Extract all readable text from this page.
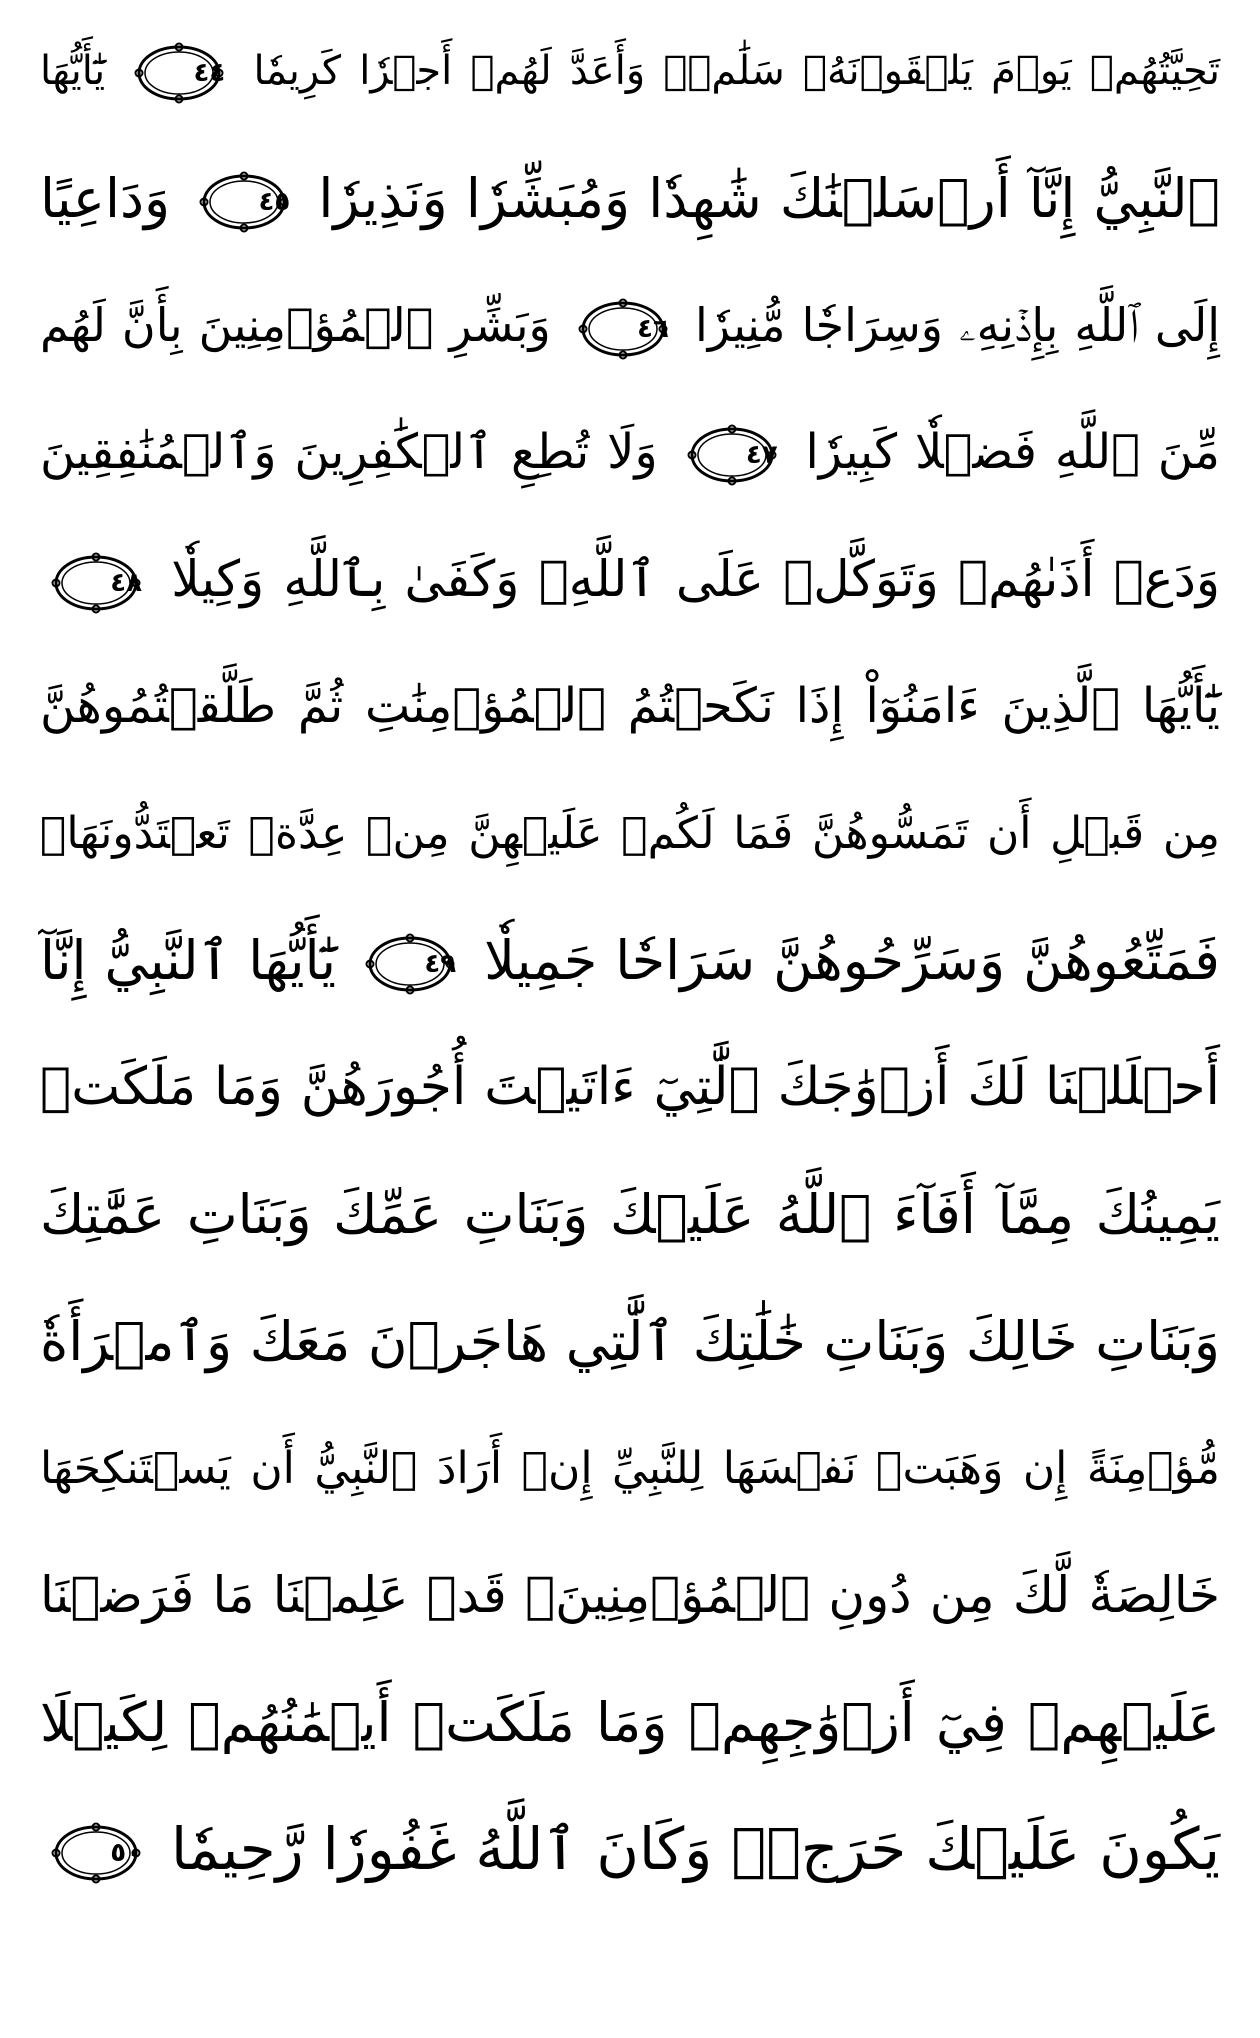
تَحِيَّتُهُمۡ يَوۡمَ يَلۡقَوۡنَهُۥ سَلَٰمٞۚ وَأَعَدَّ لَهُمۡ أَجۡرٗا كَرِيمٗا
٤٤
يَٰٓأَيُّهَا
ٱلنَّبِيُّ إِنَّآ أَرۡسَلۡنَٰكَ شَٰهِدٗا وَمُبَشِّرٗا وَنَذِيرٗا
٤٥
وَدَاعِيًا
إِلَى ٱللَّهِ بِإِذۡنِهِۦ وَسِرَاجٗا مُّنِيرٗا
٤٦
وَبَشِّرِ ٱلۡمُؤۡمِنِينَ بِأَنَّ لَهُم
مِّنَ ٱللَّهِ فَضۡلٗا كَبِيرٗا
٤٧
وَلَا تُطِعِ ٱلۡكَٰفِرِينَ وَٱلۡمُنَٰفِقِينَ
وَدَعۡ أَذَىٰهُمۡ وَتَوَكَّلۡ عَلَى ٱللَّهِۚ وَكَفَىٰ بِٱللَّهِ وَكِيلٗا
٤٨
يَٰٓأَيُّهَا ٱلَّذِينَ ءَامَنُوٓاْ إِذَا نَكَحۡتُمُ ٱلۡمُؤۡمِنَٰتِ ثُمَّ طَلَّقۡتُمُوهُنَّ
مِن قَبۡلِ أَن تَمَسُّوهُنَّ فَمَا لَكُمۡ عَلَيۡهِنَّ مِنۡ عِدَّةٖ تَعۡتَدُّونَهَاۖ
فَمَتِّعُوهُنَّ وَسَرِّحُوهُنَّ سَرَاحٗا جَمِيلٗا
٤٩
يَٰٓأَيُّهَا ٱلنَّبِيُّ إِنَّآ
أَحۡلَلۡنَا لَكَ أَزۡوَٰجَكَ ٱلَّٰتِيٓ ءَاتَيۡتَ أُجُورَهُنَّ وَمَا مَلَكَتۡ
يَمِينُكَ مِمَّآ أَفَآءَ ٱللَّهُ عَلَيۡكَ وَبَنَاتِ عَمِّكَ وَبَنَاتِ عَمَّٰتِكَ
وَبَنَاتِ خَالِكَ وَبَنَاتِ خَٰلَٰتِكَ ٱلَّٰتِي هَاجَرۡنَ مَعَكَ وَٱمۡرَأَةٗ
مُّؤۡمِنَةً إِن وَهَبَتۡ نَفۡسَهَا لِلنَّبِيِّ إِنۡ أَرَادَ ٱلنَّبِيُّ أَن يَسۡتَنكِحَهَا
خَالِصَةٗ لَّكَ مِن دُونِ ٱلۡمُؤۡمِنِينَۗ قَدۡ عَلِمۡنَا مَا فَرَضۡنَا
عَلَيۡهِمۡ فِيٓ أَزۡوَٰجِهِمۡ وَمَا مَلَكَتۡ أَيۡمَٰنُهُمۡ لِكَيۡلَا
يَكُونَ عَلَيۡكَ حَرَجٞۗ وَكَانَ ٱللَّهُ غَفُورٗا رَّحِيمٗا
٥٠
